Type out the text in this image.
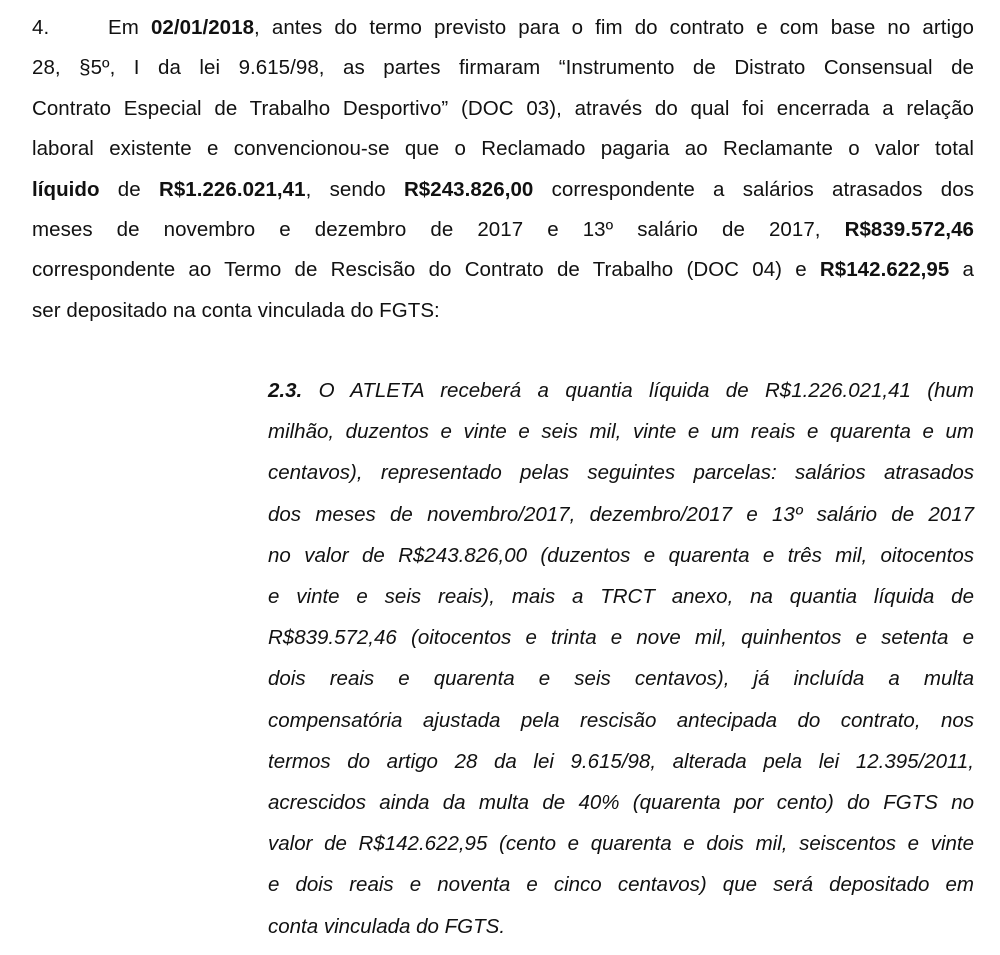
4.	Em 02/01/2018, antes do termo previsto para o fim do contrato e com base no artigo
28, §5º, I da lei 9.615/98, as partes firmaram “Instrumento de Distrato Consensual de
Contrato Especial de Trabalho Desportivo” (DOC 03), através do qual foi encerrada a relação
laboral existente e convencionou-se que o Reclamado pagaria ao Reclamante o valor total
líquido de R$1.226.021,41, sendo R$243.826,00 correspondente a salários atrasados dos
meses de novembro e dezembro de 2017 e 13º salário de 2017, R$839.572,46
correspondente ao Termo de Rescisão do Contrato de Trabalho (DOC 04) e R$142.622,95 a
ser depositado na conta vinculada do FGTS:
2.3. O ATLETA receberá a quantia líquida de R$1.226.021,41 (hum
milhão, duzentos e vinte e seis mil, vinte e um reais e quarenta e um
centavos), representado pelas seguintes parcelas: salários atrasados
dos meses de novembro/2017, dezembro/2017 e 13º salário de 2017
no valor de R$243.826,00 (duzentos e quarenta e três mil, oitocentos
e vinte e seis reais), mais a TRCT anexo, na quantia líquida de
R$839.572,46 (oitocentos e trinta e nove mil, quinhentos e setenta e
dois reais e quarenta e seis centavos), já incluída a multa
compensatória ajustada pela rescisão antecipada do contrato, nos
termos do artigo 28 da lei 9.615/98, alterada pela lei 12.395/2011,
acrescidos ainda da multa de 40% (quarenta por cento) do FGTS no
valor de R$142.622,95 (cento e quarenta e dois mil, seiscentos e vinte
e dois reais e noventa e cinco centavos) que será depositado em
conta vinculada do FGTS.
